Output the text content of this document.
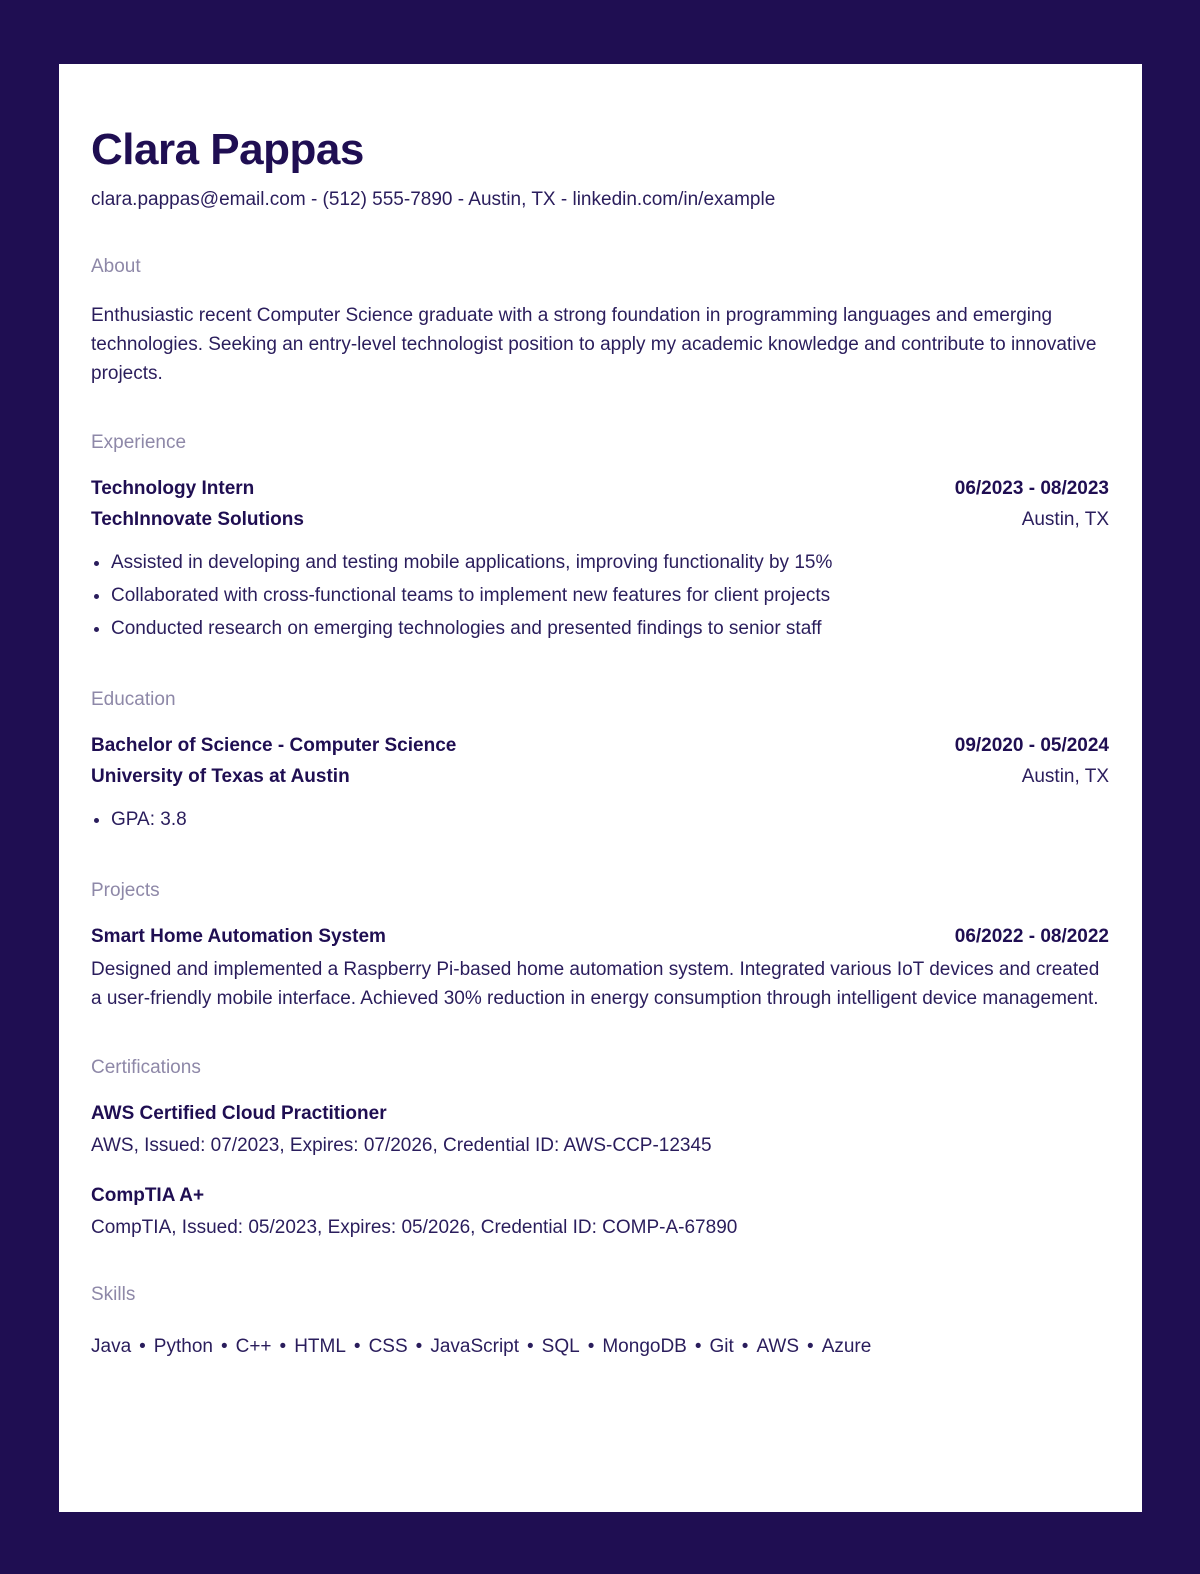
Clara Pappas
clara.pappas@email.com - (512) 555-7890 - Austin, TX - linkedin.com/in/example
About
Enthusiastic recent Computer Science graduate with a strong foundation in programming languages and emerging technologies. Seeking an entry-level technologist position to apply my academic knowledge and contribute to innovative projects.
Experience
Technology Intern	06/2023 - 08/2023
TechInnovate Solutions	Austin, TX
• Assisted in developing and testing mobile applications, improving functionality by 15%
• Collaborated with cross-functional teams to implement new features for client projects
• Conducted research on emerging technologies and presented findings to senior staff
Education
Bachelor of Science - Computer Science	09/2020 - 05/2024
University of Texas at Austin	Austin, TX
• GPA: 3.8
Projects
Smart Home Automation System	06/2022 - 08/2022
Designed and implemented a Raspberry Pi-based home automation system. Integrated various IoT devices and created a user-friendly mobile interface. Achieved 30% reduction in energy consumption through intelligent device management.
Certifications
AWS Certified Cloud Practitioner
AWS, Issued: 07/2023, Expires: 07/2026, Credential ID: AWS-CCP-12345
CompTIA A+
CompTIA, Issued: 05/2023, Expires: 05/2026, Credential ID: COMP-A-67890
Skills
Java • Python • C++ • HTML • CSS • JavaScript • SQL • MongoDB • Git • AWS • Azure
